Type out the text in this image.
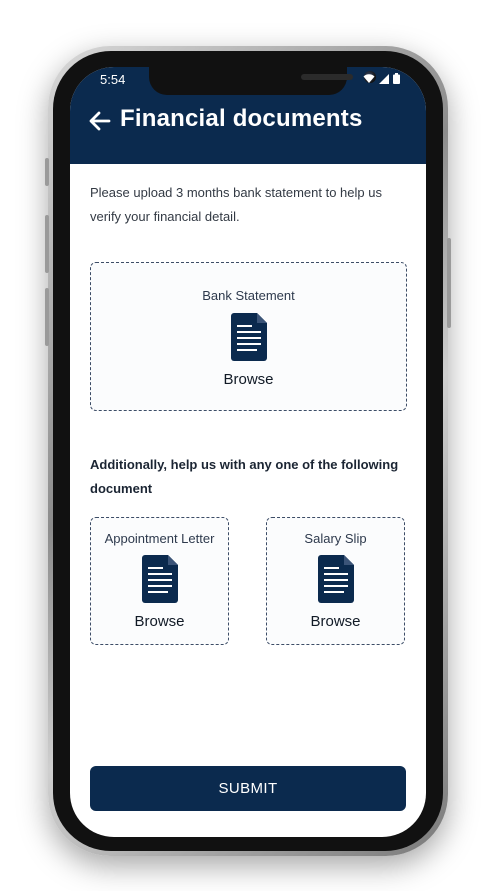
5:54
Financial documents

Please upload 3 months bank statement to help us verify your financial detail.

Bank Statement
Browse

Additionally, help us with any one of the following document

Appointment Letter
Browse
Salary Slip
Browse
SUBMIT
